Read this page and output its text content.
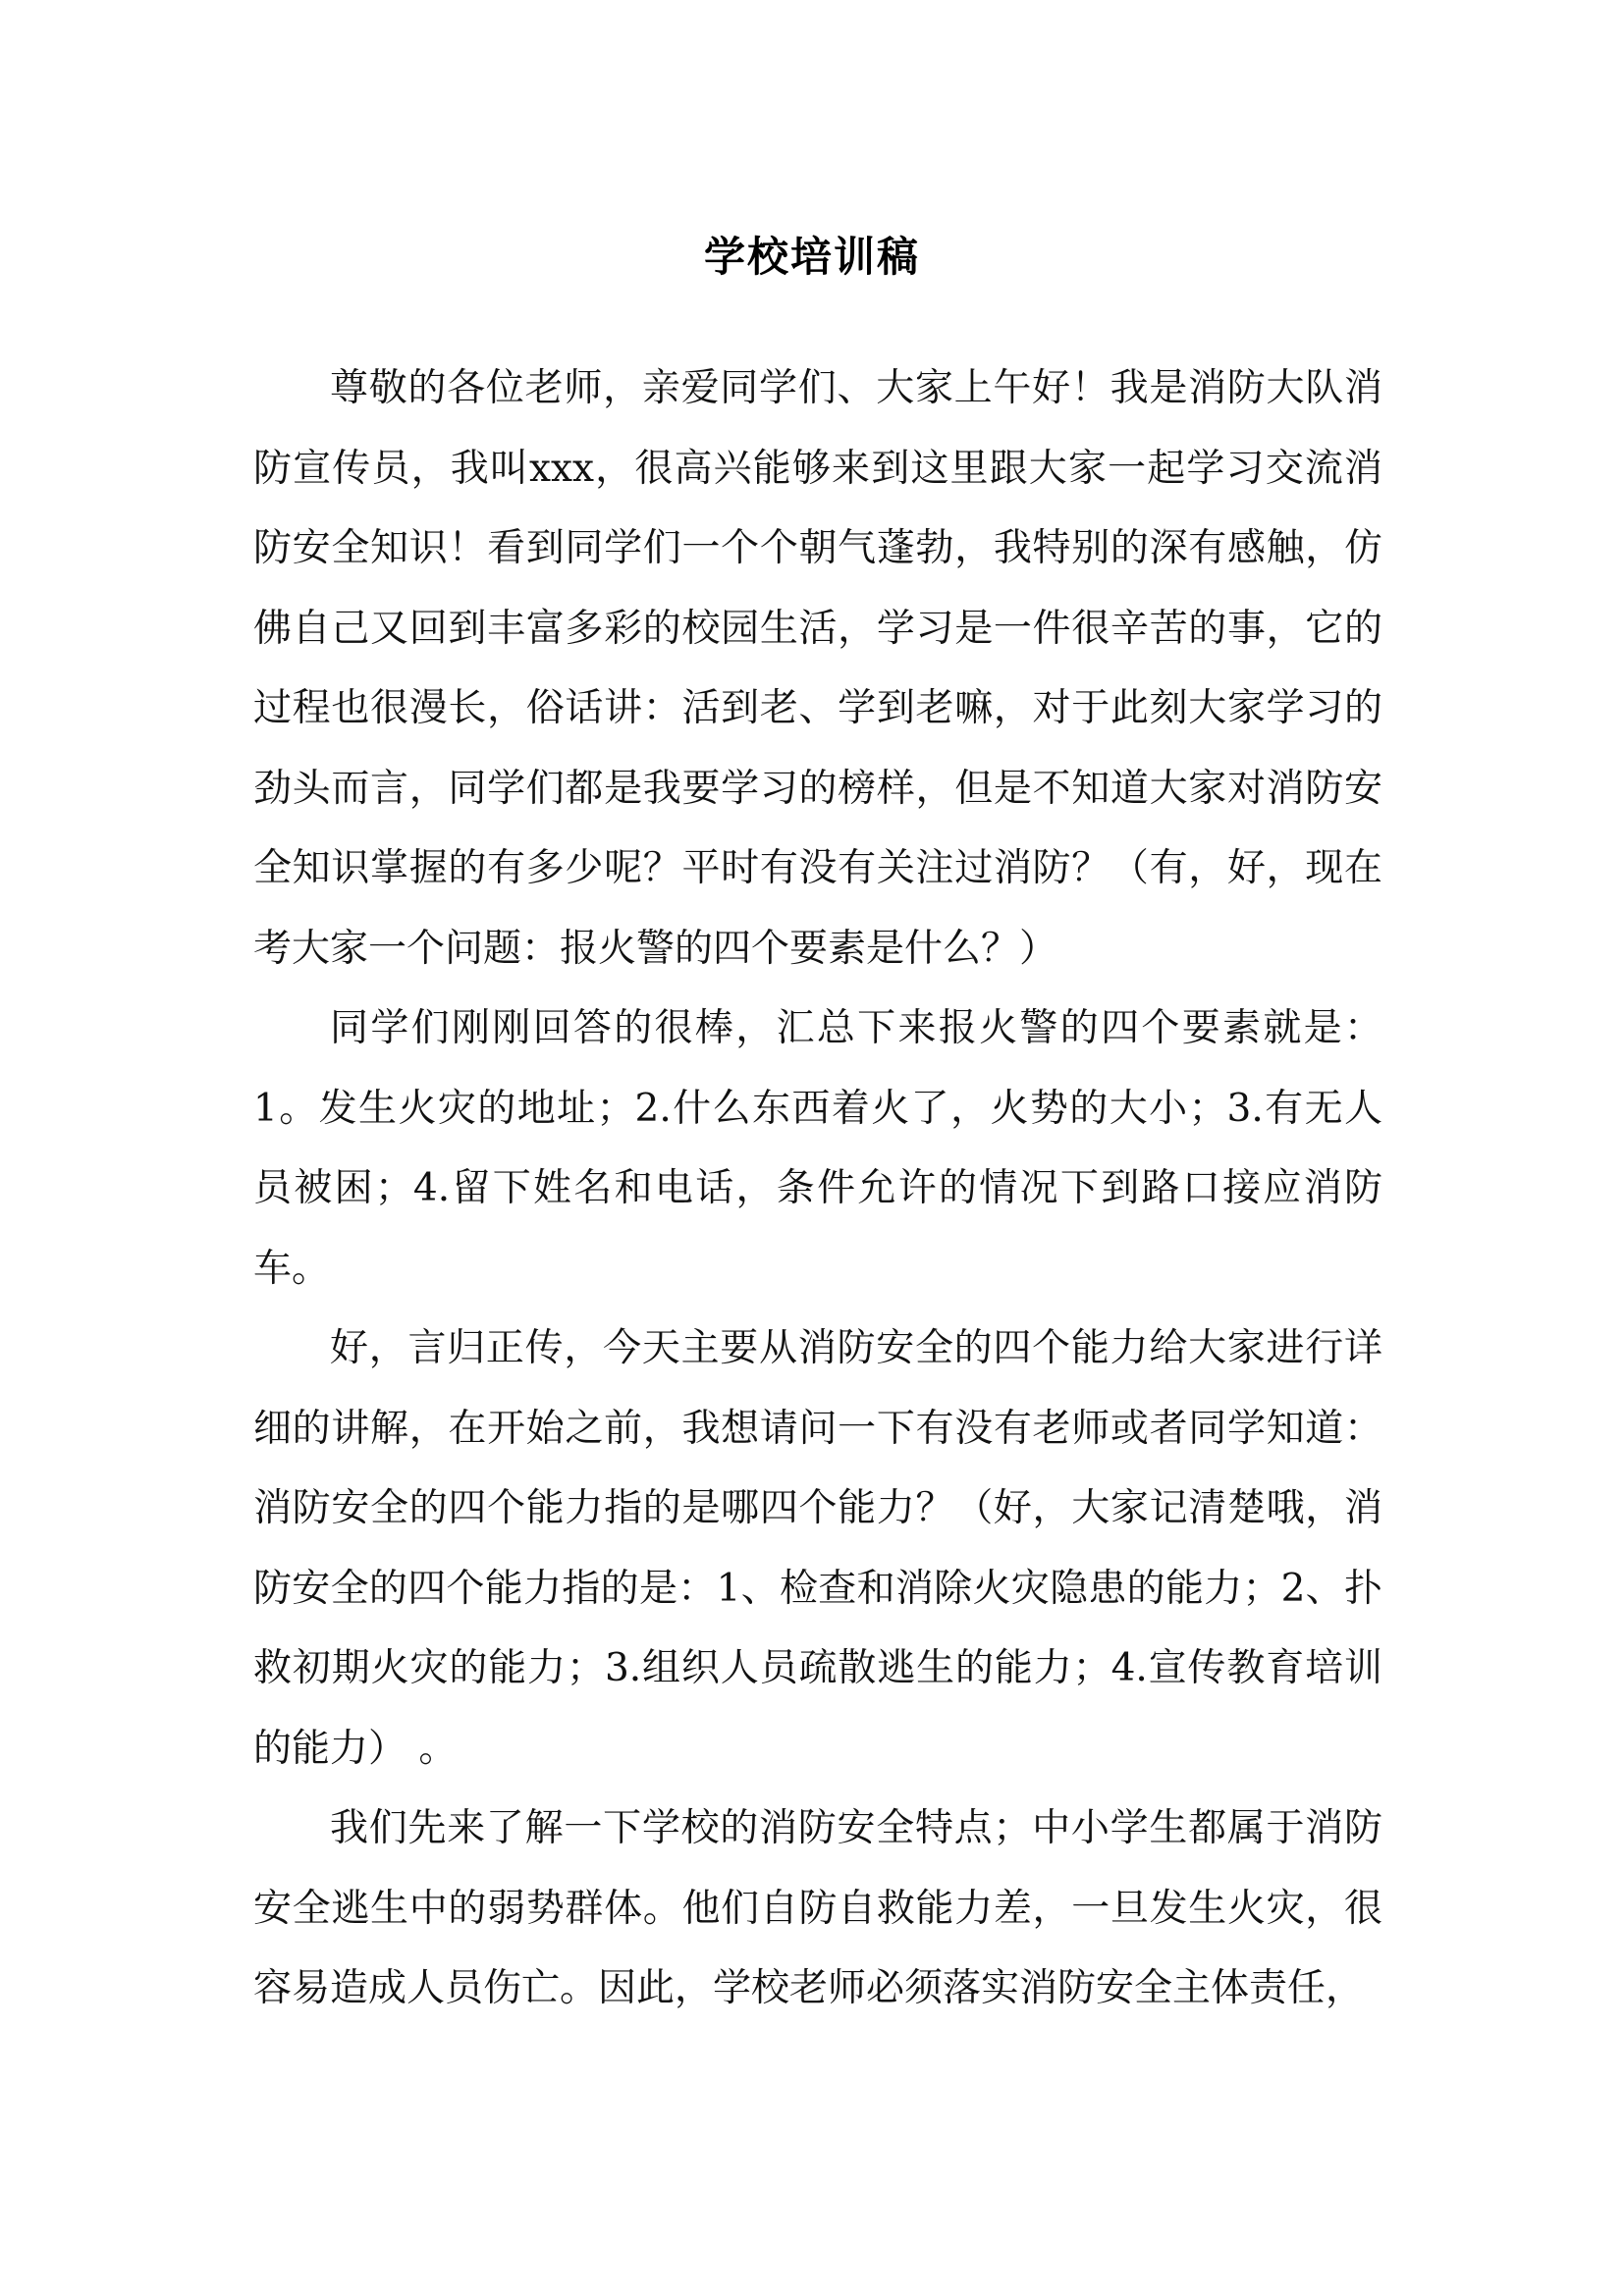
学校培训稿

尊敬的各位老师，亲爱同学们、大家上午好！我是消防大队消防宣传员，我叫xxx，很高兴能够来到这里跟大家一起学习交流消防安全知识！看到同学们一个个朝气蓬勃，我特别的深有感触，仿佛自己又回到丰富多彩的校园生活，学习是一件很辛苦的事，它的过程也很漫长，俗话讲：活到老、学到老嘛，对于此刻大家学习的劲头而言，同学们都是我要学习的榜样，但是不知道大家对消防安全知识掌握的有多少呢？平时有没有关注过消防？（有，好，现在考大家一个问题：报火警的四个要素是什么？）

同学们刚刚回答的很棒，汇总下来报火警的四个要素就是：1。发生火灾的地址；2.什么东西着火了，火势的大小；3.有无人员被困；4.留下姓名和电话，条件允许的情况下到路口接应消防车。

好，言归正传，今天主要从消防安全的四个能力给大家进行详细的讲解，在开始之前，我想请问一下有没有老师或者同学知道：消防安全的四个能力指的是哪四个能力？（好，大家记清楚哦，消防安全的四个能力指的是：1、检查和消除火灾隐患的能力；2、扑救初期火灾的能力；3.组织人员疏散逃生的能力；4.宣传教育培训的能力） 。

我们先来了解一下学校的消防安全特点；中小学生都属于消防安全逃生中的弱势群体。他们自防自救能力差，一旦发生火灾，很容易造成人员伤亡。因此，学校老师必须落实消防安全主体责任，
